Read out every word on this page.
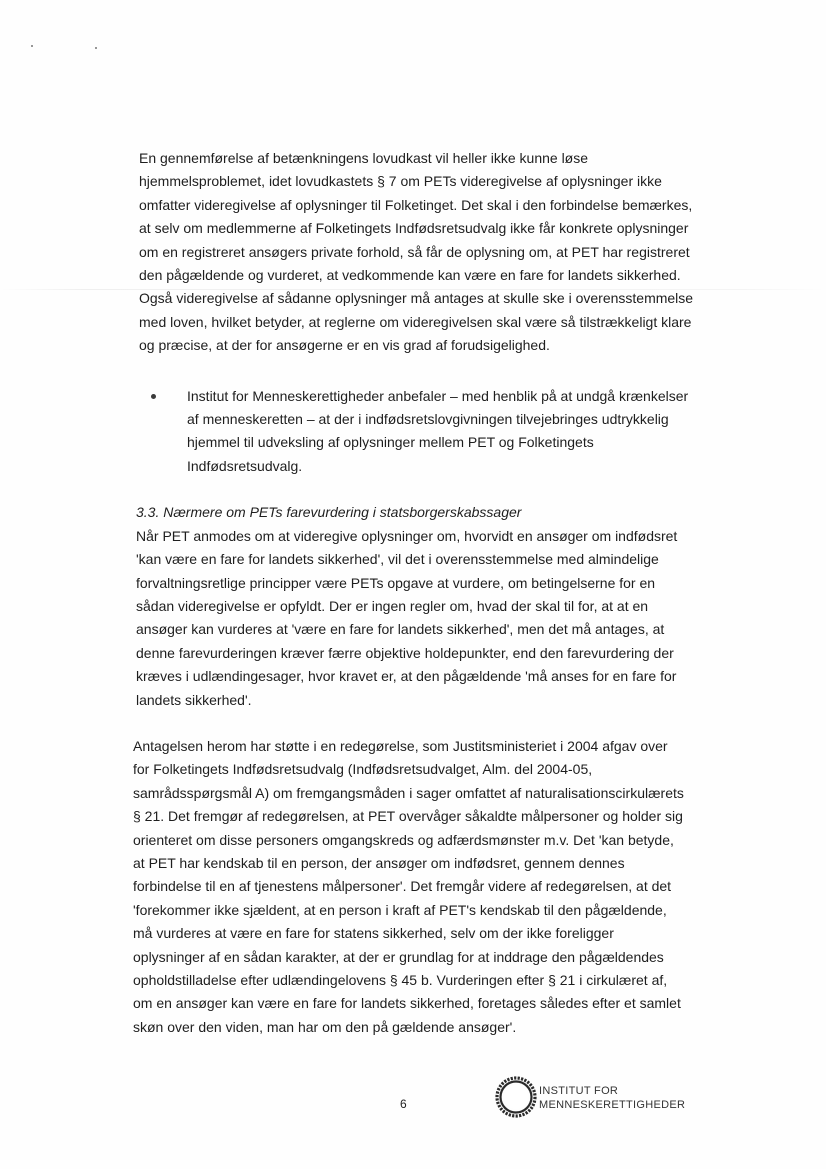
En gennemførelse af betænkningens lovudkast vil heller ikke kunne løse
hjemmelsproblemet, idet lovudkastets § 7 om PETs videregivelse af oplysninger ikke
omfatter videregivelse af oplysninger til Folketinget. Det skal i den forbindelse bemærkes,
at selv om medlemmerne af Folketingets Indfødsretsudvalg ikke får konkrete oplysninger
om en registreret ansøgers private forhold, så får de oplysning om, at PET har registreret
den pågældende og vurderet, at vedkommende kan være en fare for landets sikkerhed.
Også videregivelse af sådanne oplysninger må antages at skulle ske i overensstemmelse
med loven, hvilket betyder, at reglerne om videregivelsen skal være så tilstrækkeligt klare
og præcise, at der for ansøgerne er en vis grad af forudsigelighed.

Institut for Menneskerettigheder anbefaler – med henblik på at undgå krænkelser
af menneskeretten – at der i indfødsretslovgivningen tilvejebringes udtrykkelig
hjemmel til udveksling af oplysninger mellem PET og Folketingets
Indfødsretsudvalg.

3.3. Nærmere om PETs farevurdering i statsborgerskabssager

Når PET anmodes om at videregive oplysninger om, hvorvidt en ansøger om indfødsret
'kan være en fare for landets sikkerhed', vil det i overensstemmelse med almindelige
forvaltningsretlige principper være PETs opgave at vurdere, om betingelserne for en
sådan videregivelse er opfyldt. Der er ingen regler om, hvad der skal til for, at at en
ansøger kan vurderes at 'være en fare for landets sikkerhed', men det må antages, at
denne farevurderingen kræver færre objektive holdepunkter, end den farevurdering der
kræves i udlændingesager, hvor kravet er, at den pågældende 'må anses for en fare for
landets sikkerhed'.

Antagelsen herom har støtte i en redegørelse, som Justitsministeriet i 2004 afgav over
for Folketingets Indfødsretsudvalg (Indfødsretsudvalget, Alm. del 2004-05,
samrådsspørgsmål A) om fremgangsmåden i sager omfattet af naturalisationscirkulærets
§ 21. Det fremgør af redegørelsen, at PET overvåger såkaldte målpersoner og holder sig
orienteret om disse personers omgangskreds og adfærdsmønster m.v. Det 'kan betyde,
at PET har kendskab til en person, der ansøger om indfødsret, gennem dennes
forbindelse til en af tjenestens målpersoner'. Det fremgår videre af redegørelsen, at det
'forekommer ikke sjældent, at en person i kraft af PET's kendskab til den pågældende,
må vurderes at være en fare for statens sikkerhed, selv om der ikke foreligger
oplysninger af en sådan karakter, at der er grundlag for at inddrage den pågældendes
opholdstilladelse efter udlændingelovens § 45 b. Vurderingen efter § 21 i cirkulæret af,
om en ansøger kan være en fare for landets sikkerhed, foretages således efter et samlet
skøn over den viden, man har om den på gældende ansøger'.

6
INSTITUT FOR
MENNESKERETTIGHEDER
